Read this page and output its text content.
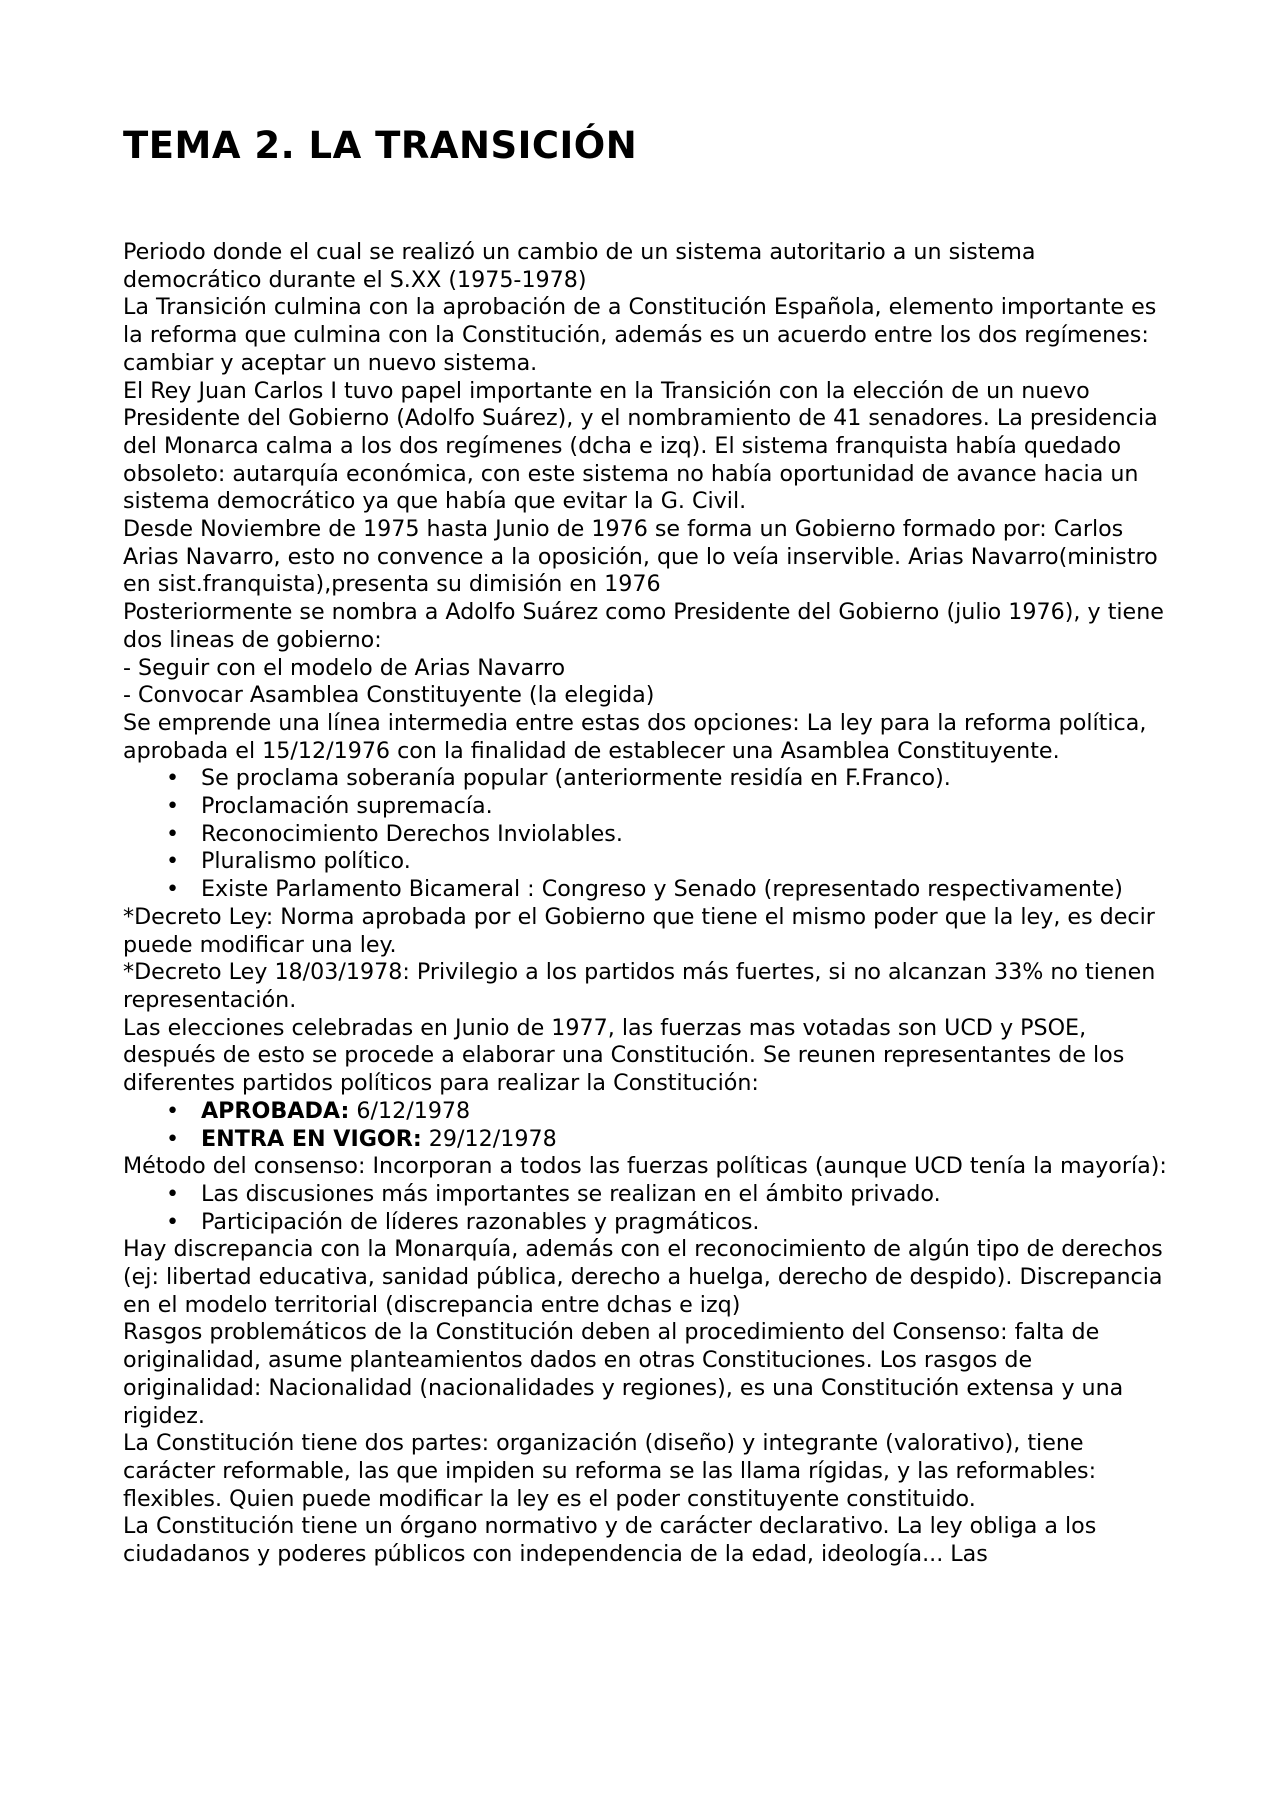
TEMA 2. LA TRANSICIÓN

Periodo donde el cual se realizó un cambio de un sistema autoritario a un sistema democrático durante el S.XX (1975-1978)

La Transición culmina con la aprobación de a Constitución Española, elemento importante es la reforma que culmina con la Constitución, además es un acuerdo entre los dos regímenes: cambiar y aceptar un nuevo sistema.

El Rey Juan Carlos I tuvo papel importante en la Transición con la elección de un nuevo Presidente del Gobierno (Adolfo Suárez), y el nombramiento de 41 senadores. La presidencia del Monarca calma a los dos regímenes (dcha e izq). El sistema franquista había quedado obsoleto: autarquía económica, con este sistema no había oportunidad de avance hacia un sistema democrático ya que había que evitar la G. Civil.

Desde Noviembre de 1975 hasta Junio de 1976 se forma un Gobierno formado por: Carlos Arias Navarro, esto no convence a la oposición, que lo veía inservible. Arias Navarro(ministro en sist.franquista),presenta su dimisión en 1976

Posteriormente se nombra a Adolfo Suárez como Presidente del Gobierno (julio 1976), y tiene dos lineas de gobierno:

- Seguir con el modelo de Arias Navarro

- Convocar Asamblea Constituyente (la elegida)

Se emprende una línea intermedia entre estas dos opciones: La ley para la reforma política, aprobada el 15/12/1976 con la finalidad de establecer una Asamblea Constituyente.

• Se proclama soberanía popular (anteriormente residía en F.Franco).
• Proclamación supremacía.
• Reconocimiento Derechos Inviolables.
• Pluralismo político.
• Existe Parlamento Bicameral : Congreso y Senado (representado respectivamente)

*Decreto Ley: Norma aprobada por el Gobierno que tiene el mismo poder que la ley, es decir puede modificar una ley.

*Decreto Ley 18/03/1978: Privilegio a los partidos más fuertes, si no alcanzan 33% no tienen representación.

Las elecciones celebradas en Junio de 1977, las fuerzas mas votadas son UCD y PSOE, después de esto se procede a elaborar una Constitución. Se reunen representantes de los diferentes partidos políticos para realizar la Constitución:

• APROBADA: 6/12/1978
• ENTRA EN VIGOR: 29/12/1978

Método del consenso: Incorporan a todos las fuerzas políticas (aunque UCD tenía la mayoría):

• Las discusiones más importantes se realizan en el ámbito privado.
• Participación de líderes razonables y pragmáticos.

Hay discrepancia con la Monarquía, además con el reconocimiento de algún tipo de derechos (ej: libertad educativa, sanidad pública, derecho a huelga, derecho de despido). Discrepancia en el modelo territorial (discrepancia entre dchas e izq)

Rasgos problemáticos de la Constitución deben al procedimiento del Consenso: falta de originalidad, asume planteamientos dados en otras Constituciones. Los rasgos de originalidad: Nacionalidad (nacionalidades y regiones), es una Constitución extensa y una rigidez.

La Constitución tiene dos partes: organización (diseño) y integrante (valorativo), tiene carácter reformable, las que impiden su reforma se las llama rígidas, y las reformables: flexibles. Quien puede modificar la ley es el poder constituyente constituido.

La Constitución tiene un órgano normativo y de carácter declarativo. La ley obliga a los ciudadanos y poderes públicos con independencia de la edad, ideología... Las
